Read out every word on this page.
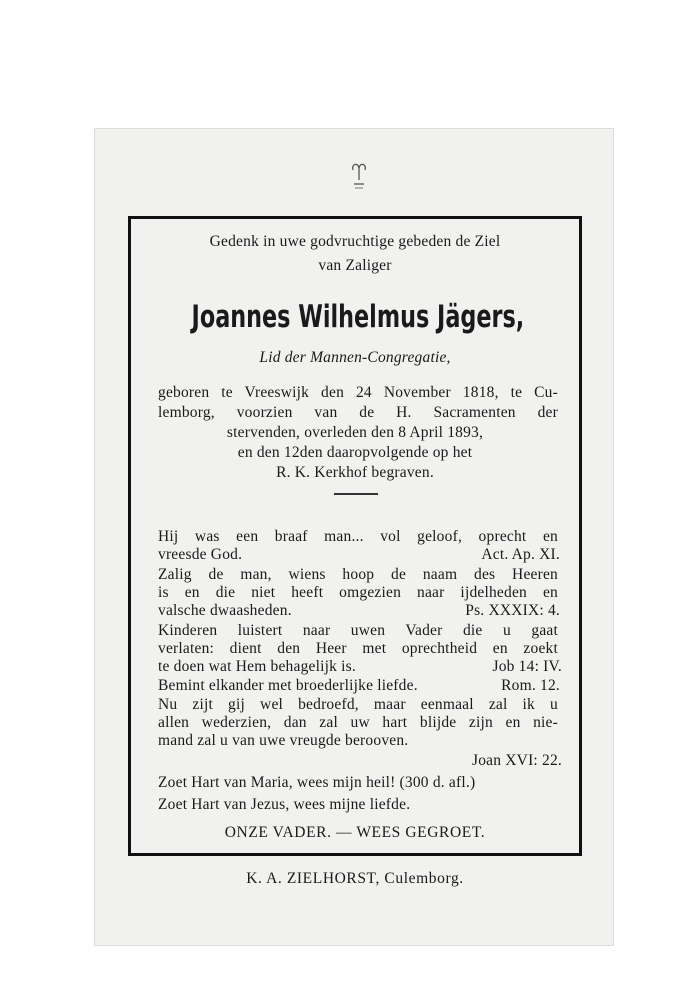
Gedenk in uwe godvruchtige gebeden de Ziel
van Zaliger
Joannes Wilhelmus Jägers,
Lid der Mannen-Congregatie,
geboren te Vreeswijk den 24 November 1818, te Cu-
lemborg, voorzien van de H. Sacramenten der
stervenden, overleden den 8 April 1893,
en den 12den daaropvolgende op het
R. K. Kerkhof begraven.
Hij was een braaf man... vol geloof, oprecht en
vreesde God.	Act. Ap. XI.
Zalig de man, wiens hoop de naam des Heeren
is en die niet heeft omgezien naar ijdelheden en
valsche dwaasheden.	Ps. XXXIX: 4.
Kinderen luistert naar uwen Vader die u gaat
verlaten: dient den Heer met oprechtheid en zoekt
te doen wat Hem behagelijk is.	Job 14: IV.
Bemint elkander met broederlijke liefde.	Rom. 12.
Nu zijt gij wel bedroefd, maar eenmaal zal ik u
allen wederzien, dan zal uw hart blijde zijn en nie-
mand zal u van uwe vreugde berooven.
Joan XVI: 22.
Zoet Hart van Maria, wees mijn heil! (300 d. afl.)
Zoet Hart van Jezus, wees mijne liefde.
ONZE VADER. — WEES GEGROET.
K. A. ZIELHORST, Culemborg.
